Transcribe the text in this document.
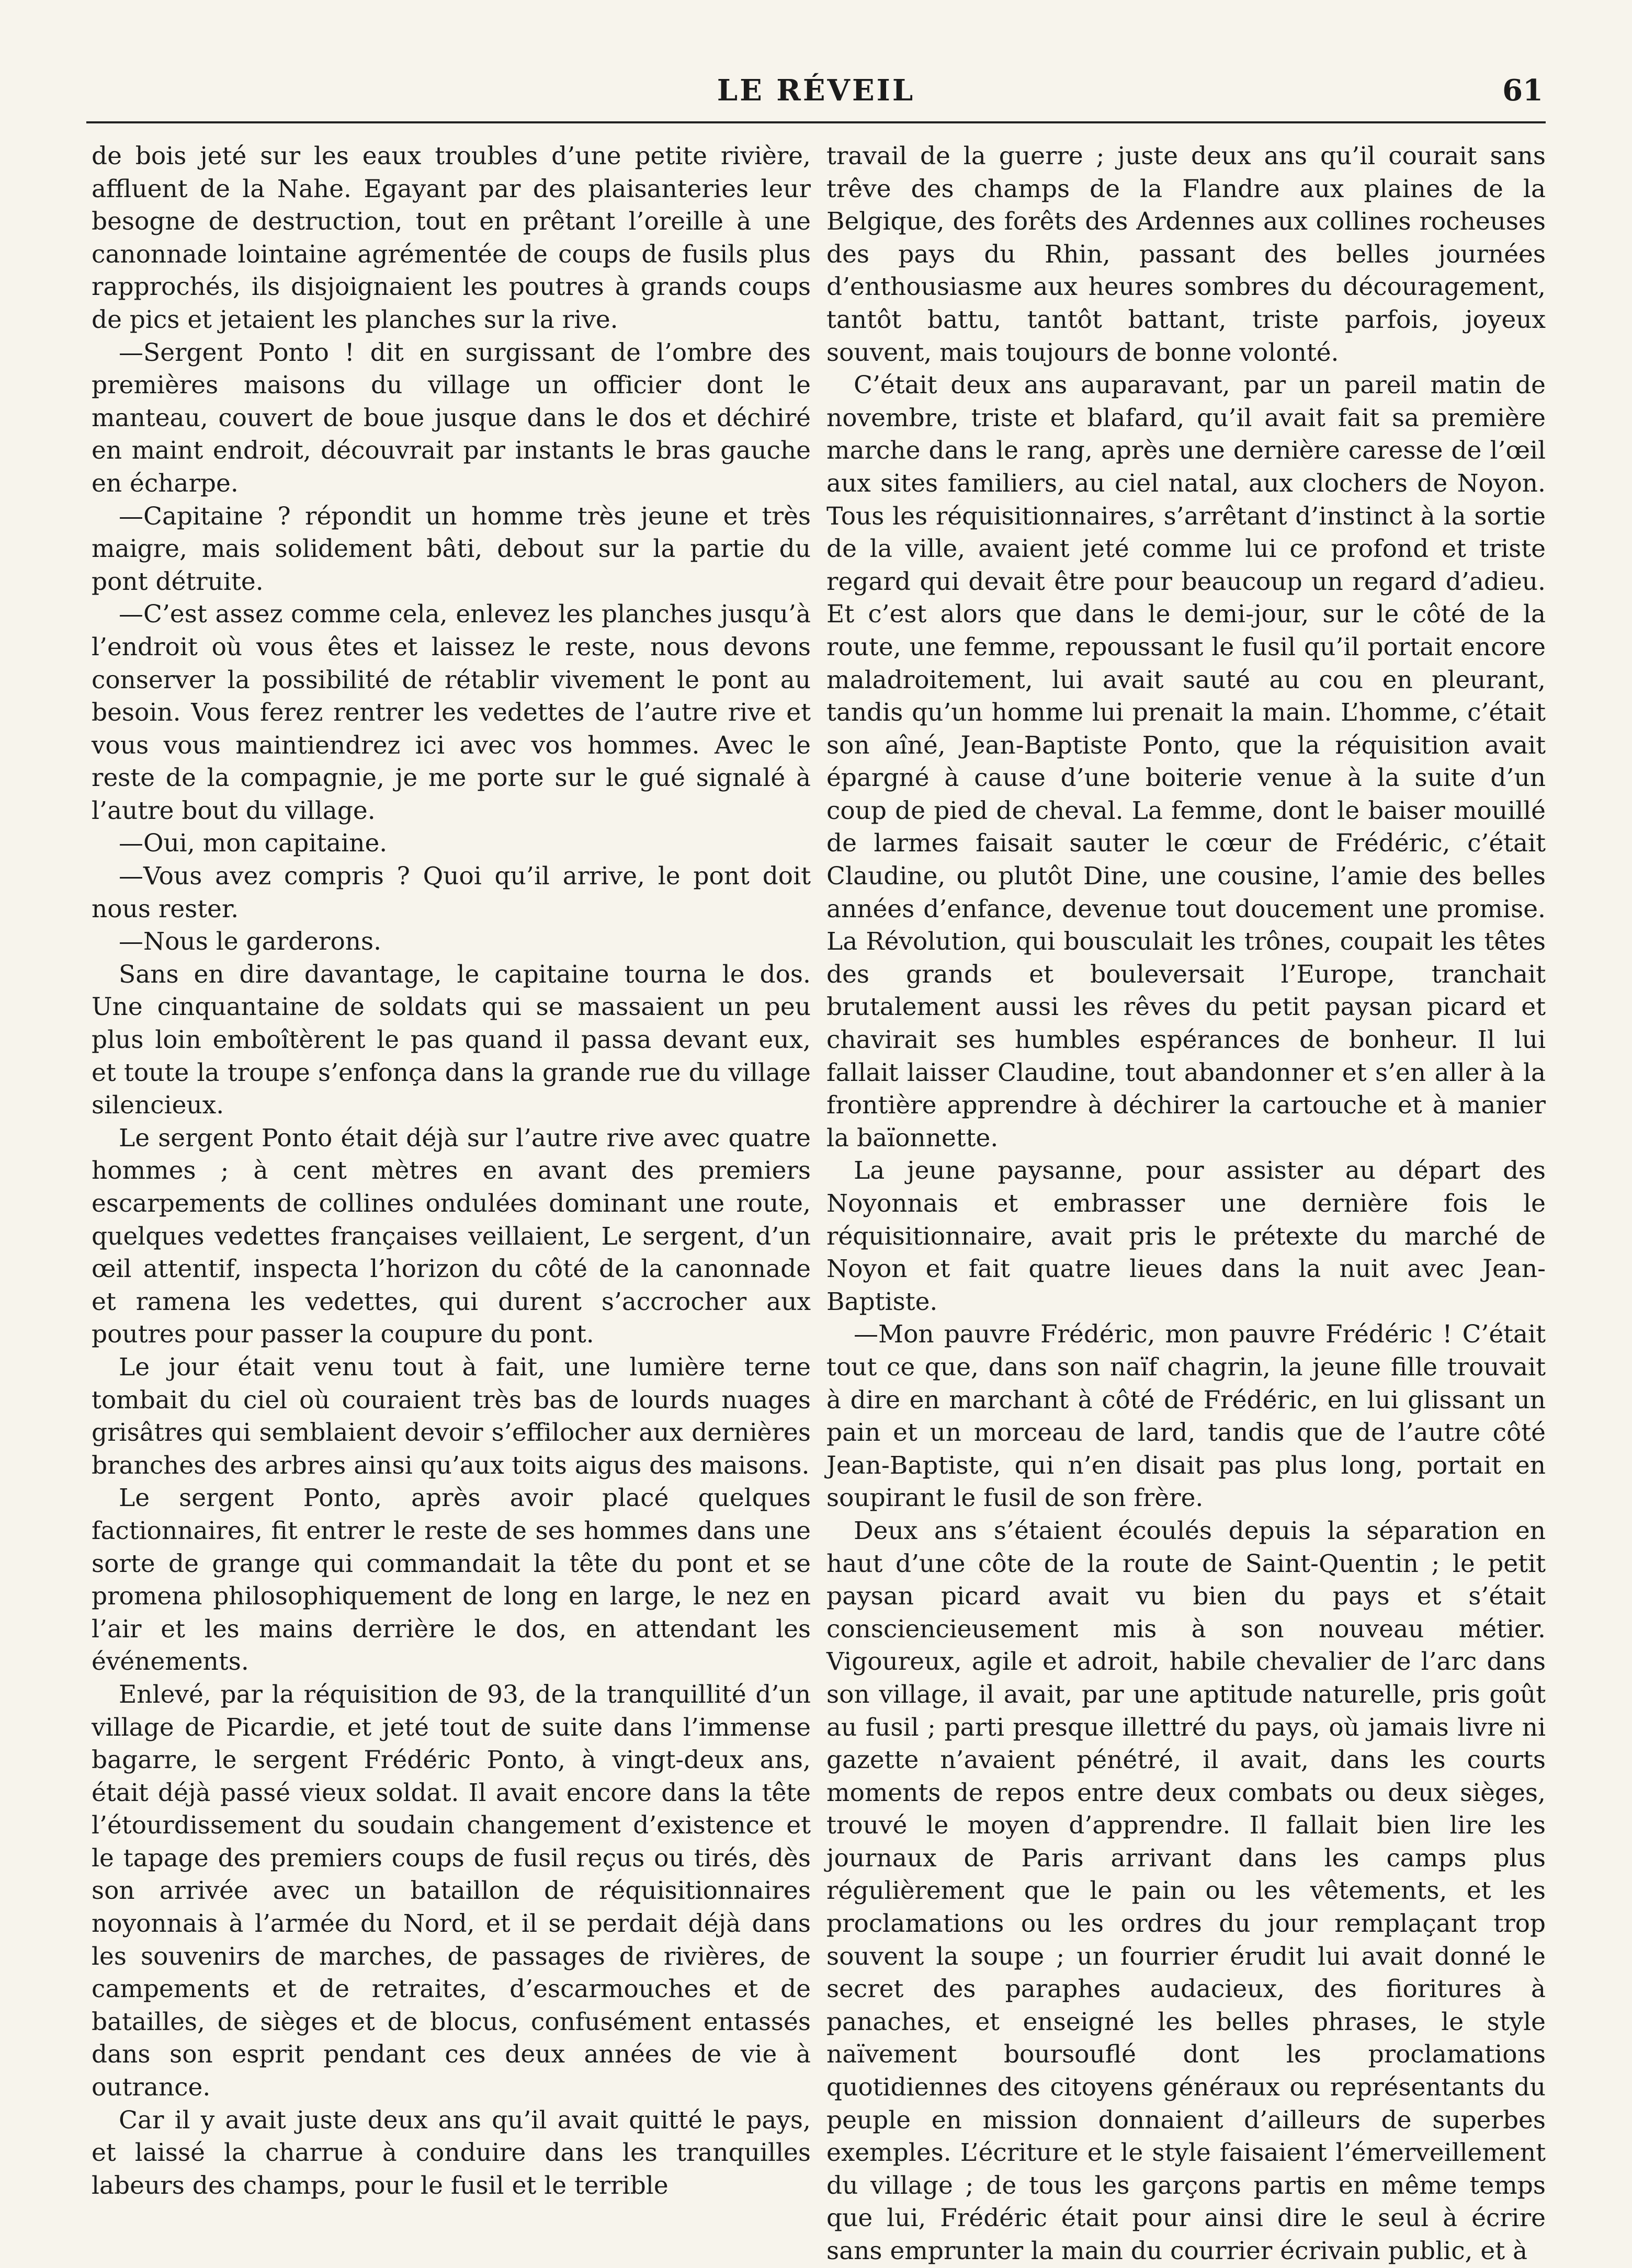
LE RÉVEIL	61

de bois jeté sur les eaux troubles d’une petite rivière, affluent de la Nahe. Egayant par des plaisanteries leur besogne de destruction, tout en prêtant l’oreille à une canonnade lointaine agrémentée de coups de fusils plus rapprochés, ils disjoignaient les poutres à grands coups de pics et jetaient les planches sur la rive.

—Sergent Ponto ! dit en surgissant de l’ombre des premières maisons du village un officier dont le manteau, couvert de boue jusque dans le dos et déchiré en maint endroit, découvrait par instants le bras gauche en écharpe.

—Capitaine ? répondit un homme très jeune et très maigre, mais solidement bâti, debout sur la partie du pont détruite.

—C’est assez comme cela, enlevez les planches jusqu’à l’endroit où vous êtes et laissez le reste, nous devons conserver la possibilité de rétablir vivement le pont au besoin. Vous ferez rentrer les vedettes de l’autre rive et vous vous maintiendrez ici avec vos hommes. Avec le reste de la compagnie, je me porte sur le gué signalé à l’autre bout du village.

—Oui, mon capitaine.

—Vous avez compris ? Quoi qu’il arrive, le pont doit nous rester.

—Nous le garderons.

Sans en dire davantage, le capitaine tourna le dos. Une cinquantaine de soldats qui se massaient un peu plus loin emboîtèrent le pas quand il passa devant eux, et toute la troupe s’enfonça dans la grande rue du village silencieux.

Le sergent Ponto était déjà sur l’autre rive avec quatre hommes ; à cent mètres en avant des premiers escarpements de collines ondulées dominant une route, quelques vedettes françaises veillaient, Le sergent, d’un œil attentif, inspecta l’horizon du côté de la canonnade et ramena les vedettes, qui durent s’accrocher aux poutres pour passer la coupure du pont.

Le jour était venu tout à fait, une lumière terne tombait du ciel où couraient très bas de lourds nuages grisâtres qui semblaient devoir s’effilocher aux dernières branches des arbres ainsi qu’aux toits aigus des maisons.

Le sergent Ponto, après avoir placé quelques factionnaires, fit entrer le reste de ses hommes dans une sorte de grange qui commandait la tête du pont et se promena philosophiquement de long en large, le nez en l’air et les mains derrière le dos, en attendant les événements.

Enlevé, par la réquisition de 93, de la tranquillité d’un village de Picardie, et jeté tout de suite dans l’immense bagarre, le sergent Frédéric Ponto, à vingt-deux ans, était déjà passé vieux soldat. Il avait encore dans la tête l’étourdissement du soudain changement d’existence et le tapage des premiers coups de fusil reçus ou tirés, dès son arrivée avec un bataillon de réquisitionnaires noyonnais à l’armée du Nord, et il se perdait déjà dans les souvenirs de marches, de passages de rivières, de campements et de retraites, d’escarmouches et de batailles, de sièges et de blocus, confusément entassés dans son esprit pendant ces deux années de vie à outrance.

Car il y avait juste deux ans qu’il avait quitté le pays, et laissé la charrue à conduire dans les tranquilles labeurs des champs, pour le fusil et le terrible

travail de la guerre ; juste deux ans qu’il courait sans trêve des champs de la Flandre aux plaines de la Belgique, des forêts des Ardennes aux collines rocheuses des pays du Rhin, passant des belles journées d’enthousiasme aux heures sombres du découragement, tantôt battu, tantôt battant, triste parfois, joyeux souvent, mais toujours de bonne volonté.

C’était deux ans auparavant, par un pareil matin de novembre, triste et blafard, qu’il avait fait sa première marche dans le rang, après une dernière caresse de l’œil aux sites familiers, au ciel natal, aux clochers de Noyon. Tous les réquisitionnaires, s’arrêtant d’instinct à la sortie de la ville, avaient jeté comme lui ce profond et triste regard qui devait être pour beaucoup un regard d’adieu. Et c’est alors que dans le demi-jour, sur le côté de la route, une femme, repoussant le fusil qu’il portait encore maladroitement, lui avait sauté au cou en pleurant, tandis qu’un homme lui prenait la main. L’homme, c’était son aîné, Jean-Baptiste Ponto, que la réquisition avait épargné à cause d’une boiterie venue à la suite d’un coup de pied de cheval. La femme, dont le baiser mouillé de larmes faisait sauter le cœur de Frédéric, c’était Claudine, ou plutôt Dine, une cousine, l’amie des belles années d’enfance, devenue tout doucement une promise. La Révolution, qui bousculait les trônes, coupait les têtes des grands et bouleversait l’Europe, tranchait brutalement aussi les rêves du petit paysan picard et chavirait ses humbles espérances de bonheur. Il lui fallait laisser Claudine, tout abandonner et s’en aller à la frontière apprendre à déchirer la cartouche et à manier la baïonnette.

La jeune paysanne, pour assister au départ des Noyonnais et embrasser une dernière fois le réquisitionnaire, avait pris le prétexte du marché de Noyon et fait quatre lieues dans la nuit avec Jean-Baptiste.

—Mon pauvre Frédéric, mon pauvre Frédéric ! C’était tout ce que, dans son naïf chagrin, la jeune fille trouvait à dire en marchant à côté de Frédéric, en lui glissant un pain et un morceau de lard, tandis que de l’autre côté Jean-Baptiste, qui n’en disait pas plus long, portait en soupirant le fusil de son frère.

Deux ans s’étaient écoulés depuis la séparation en haut d’une côte de la route de Saint-Quentin ; le petit paysan picard avait vu bien du pays et s’était consciencieusement mis à son nouveau métier. Vigoureux, agile et adroit, habile chevalier de l’arc dans son village, il avait, par une aptitude naturelle, pris goût au fusil ; parti presque illettré du pays, où jamais livre ni gazette n’avaient pénétré, il avait, dans les courts moments de repos entre deux combats ou deux sièges, trouvé le moyen d’apprendre. Il fallait bien lire les journaux de Paris arrivant dans les camps plus régulièrement que le pain ou les vêtements, et les proclamations ou les ordres du jour remplaçant trop souvent la soupe ; un fourrier érudit lui avait donné le secret des paraphes audacieux, des fioritures à panaches, et enseigné les belles phrases, le style naïvement boursouflé dont les proclamations quotidiennes des citoyens généraux ou représentants du peuple en mission donnaient d’ailleurs de superbes exemples. L’écriture et le style faisaient l’émerveillement du village ; de tous les garçons partis en même temps que lui, Frédéric était pour ainsi dire le seul à écrire sans emprunter la main du courrier écrivain public, et à
